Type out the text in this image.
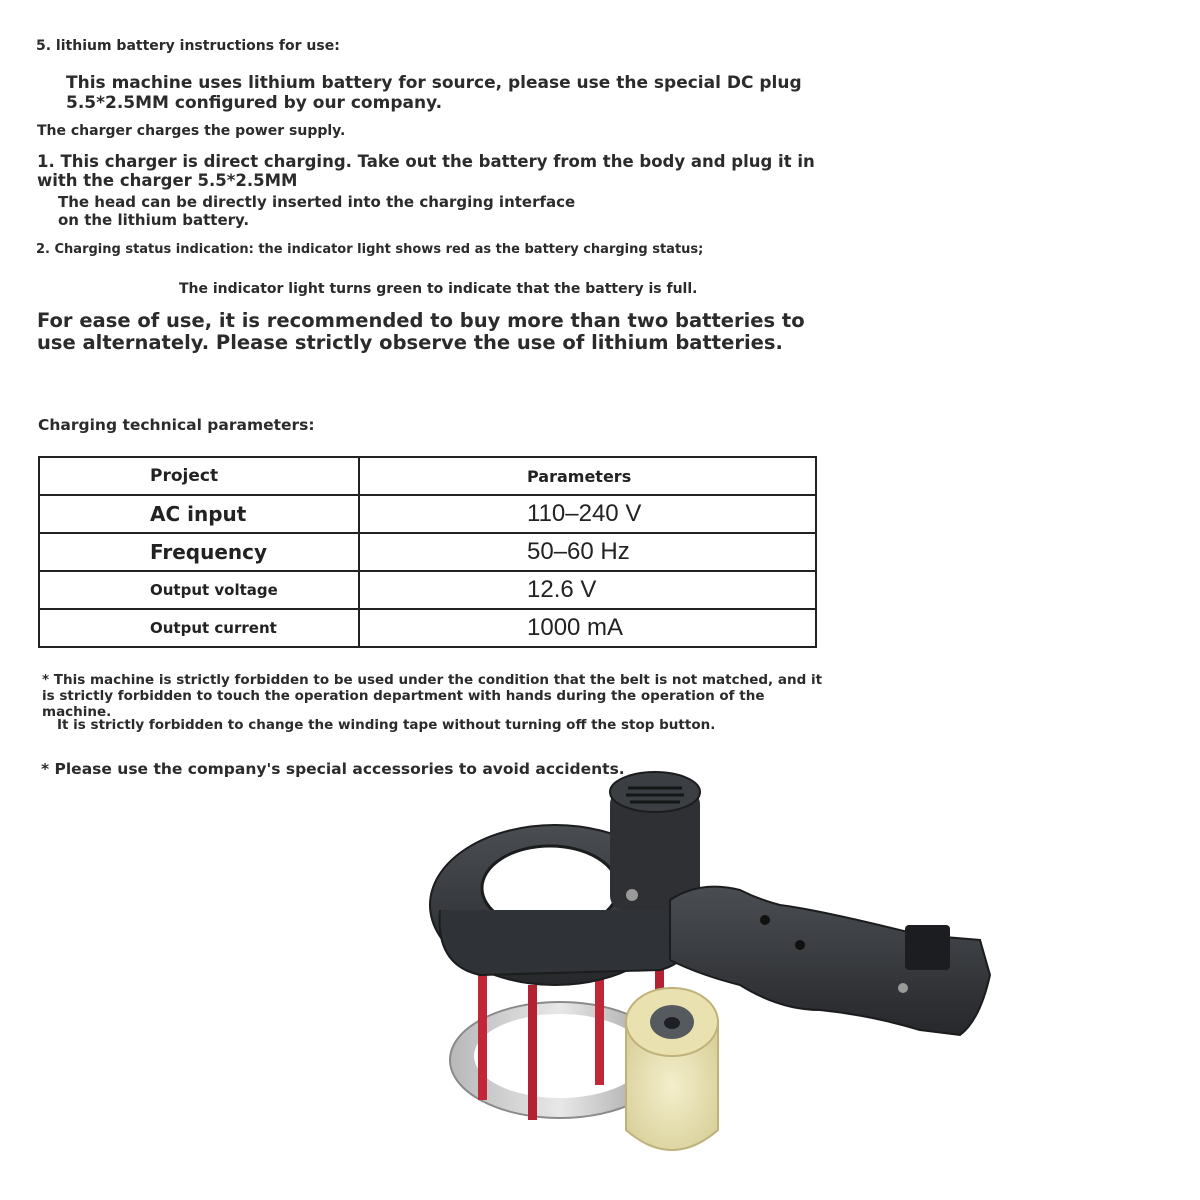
5. lithium battery instructions for use:
This machine uses lithium battery for source, please use the special DC plug 5.5*2.5MM configured by our company.
The charger charges the power supply.
1. This charger is direct charging. Take out the battery from the body and plug it in with the charger 5.5*2.5MM
The head can be directly inserted into the charging interface on the lithium battery.
2. Charging status indication: the indicator light shows red as the battery charging status;
The indicator light turns green to indicate that the battery is full.
For ease of use, it is recommended to buy more than two batteries to use alternately. Please strictly observe the use of lithium batteries.
Charging technical parameters:
Project	Parameters
AC input	110–240 V
Frequency	50–60 Hz
Output voltage	12.6 V
Output current	1000 mA
* This machine is strictly forbidden to be used under the condition that the belt is not matched, and it is strictly forbidden to touch the operation department with hands during the operation of the machine.
It is strictly forbidden to change the winding tape without turning off the stop button.
* Please use the company's special accessories to avoid accidents.
